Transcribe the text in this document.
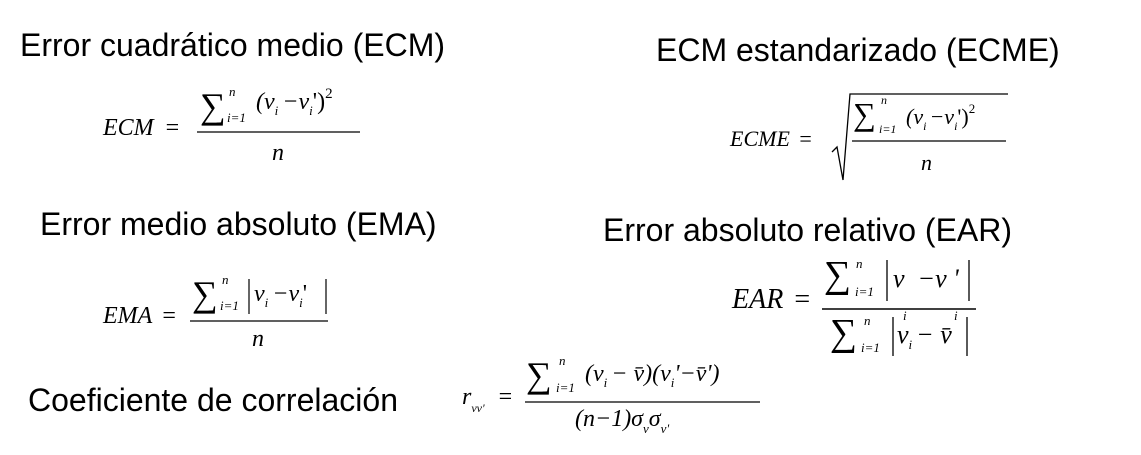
Error cuadrático medio (ECM)	ECM estandarizado (ECME)
Error medio absoluto (EMA)	Error absoluto relativo (EAR)
Coeficiente de correlación
ECM =
∑ n
i=1
$(v_i -v_i')^2$
n
ECME =
∑ n
i=1 $(v_i -v_i')^2$
n
EMA =
∑ n
i=1 $v_i -v_i'$
n
EAR =
∑ n
i=1 v  −v '
i	i
∑ n
i=1 $v_i$ − v̄
$r_{vv'}$ =
∑ n
i=1
($v_i$ − $v̄)(v_i'-v̄')$
$(n-1)\sigma_v\sigma_{v'}$
